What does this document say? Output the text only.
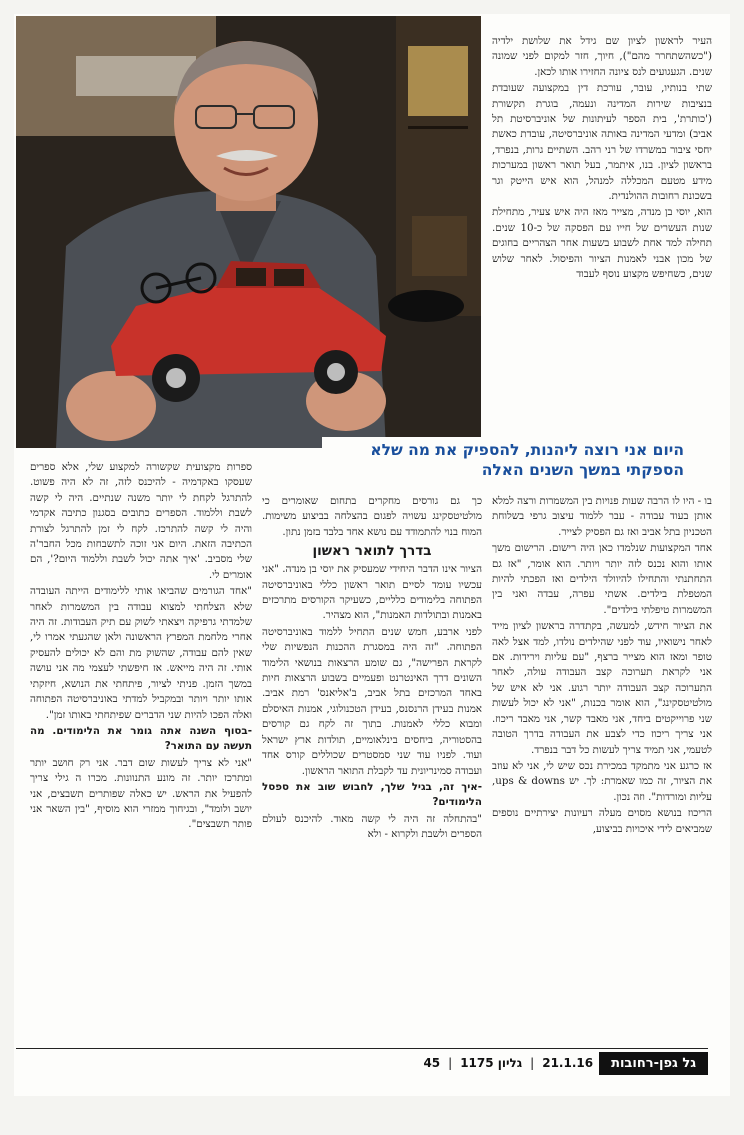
העיר לראשון לציון שם גידל את שלושת ילדיה ("כשהשתחרר מהם"), חיוך, חזר למקום לפני שמונה שנים. הגעגועים לנס ציונה החזירו אותו לכאן.

שתי בנותיו, עובר, עורכת דין במקצועה שעובדת בנציבות שירות המדינה ונעמה, בוגרת תקשורת ('כותרת', בית הספר לעיתונות של אוניברסיטת תל אביב) ומדעי המדינה באותה אוניברסיטה, עובדת כאשת יחסי ציבור במשרדו של רני רהב. השתיים גרות, בנפרד, בראשון לציון. בנו, איתמר, בעל תואר ראשון במערכות מידע מטעם המכללה למנהל, הוא איש הייטק וגר בשכונת רחובות ההולנדית.

הוא, יוסי בן מנדה, מצייר מאז היה איש צעיר, מתחילת שנות העשרים של חייו עם הפסקה של כ-10 שנים. תחילה למד אחת לשבוע בשעות אחר הצהריים בחוגים של מכון אבני לאמנות הציור והפיסול. לאחר שלוש שנים, כשחיפש מקצוע נוסף לעבוד

היום אני רוצה ליהנות, להספיק את מה שלא הספקתי במשך השנים האלה

בו - היו לו הרבה שעות פנויות בין המשמרות ורצה למלא אותן בעוד עבודה - עבר ללמוד עיצוב גרפי בשלוחת הטכניון בתל אביב ואז גם הפסיק לצייר.

אחד המקצועות שנלמדו כאן היה רישום. הרישום משך אותו והוא נכנס לזה יותר ויותר. הוא אומר, "אז גם התחתנתי והתחילו להיוולד הילדים ואז הפכתי להיות המטפלת בילדים. אשתי עפרה, עבדה ואני בין המשמרות טיפלתי בילדים".

את הציור חידש, למעשה, בקתדרה בראשון לציון מייד לאחר נישואיו, עוד לפני שהילדים נולדו, למד אצל לאה טופר ומאז הוא מצייר ברצף, "עם עליות וירידות. אם אני לקראת תערוכה קצב העבודה עולה, לאחר התערוכה קצב העבודה יותר רגוע. אני לא איש של מולטיטסקינג", הוא אומר בכנות, "אני לא יכול לעשות שני פרוייקטים ביחד, אני מאבד קשר, אני מאבד ריכוז. אני צריך ריכוז כדי לצבע את העבודה בדרך הטובה לטעמי, אני תמיד צריך לעשות כל דבר בנפרד.

אז כרגע אני מתמקד במכירת נכס שיש לי, אני לא עוזב את הציור, זה כמו שאמרת: לך. יש ups & downs, עליות ומורדות". וזה נכון.

הריכוז בנושא מסוים מעלה רעיונות יצירתיים נוספים שמביאים לידי איכויות בביצוע,

כך גם גורסים מחקרים בתחום שאומרים כי מולטיטסקינג עשויה לפגום בהצלחה בביצוע משימות. המוח בנוי להתמודד עם נושא אחד בלבד בזמן נתון.

בדרך לתואר ראשון

הציור אינו הדבר היחידי שמעסיק את יוסי בן מנדה. "אני עכשיו עומד לסיים תואר ראשון כללי באוניברסיטה הפתוחה בלימודים כלליים, כשעיקר הקורסים מתרכזים באמנות ובתולדות האמנות", הוא מצהיר.

לפני ארבע, חמש שנים התחיל ללמוד באוניברסיטה הפתוחה. "זה היה במסגרת ההכנות הנפשיות שלי לקראת הפרישה", גם שומע הרצאות בנושאי הלימוד השונים דרך האינטרנט ופעמיים בשבוע הרצאות חיות באחד המרכזים בתל אביב, ב'אליאנס' רמת אביב. אמנות בעידן הרנסנס, בעידן הטכנולוגי, אמנות האיסלם ומבוא כללי לאמנות. בתוך זה לקח גם קורסים בהסטוריה, ביחסים בינלאומיים, תולדות ארץ ישראל ועוד. לפניו עוד שני סמסטרים שכוללים קורס אחד ועבודה סמינריונית עד לקבלת התואר הראשון.

-איך זה, בגיל שלך, לחבוש שוב את ספסל הלימודים?

"בהתחלה זה היה לי קשה מאוד. להיכנס לעולם הספרים ולשבת ולקרוא - ולא

ספרות מקצועית שקשורה למקצוע שלי, אלא ספרים שעסקו באקדמיה - להיכנס לזה, זה לא היה פשוט. להתרגל לקחת לי יותר משנה שנתיים. היה לי קשה לשבת וללמוד. הספרים כתובים בסגנון כתיבה אקדמי והיה לי קשה להתרכז. לקח לי זמן להתרגל לצורת הכתיבה הזאת. היום אני זוכה לתשבחות מכל החבר'ה שלי מסביב. 'איך אתה יכול לשבת וללמוד היום?', הם אומרים לי.

"אחד הגורמים שהביאו אותי ללימודים הייתה העובדה שלא הצלחתי למצוא עבודה בין המשמרות לאחר שלמדתי גרפיקה ויצאתי לשוק עם תיק העבודות. זה היה אחרי מלחמת המפרץ הראשונה ולאן שהגעתי אמרו לי, שאין להם עבודה, שהשוק מת והם לא יכולים להעסיק אותי. זה היה מייאש. אז חיפשתי לעצמי מה אני עושה במשך הזמן. פניתי לציור, פיתחתי את הנושא, חיזקתי אותו יותר ויותר ובמקביל למדתי באוניברסיטה הפתוחה ואלה הפכו להיות שני הדברים שפיתחתי באותו זמן".

-בסוף השנה אתה גומר את הלימודים. מה תעשה עם התואר?

"אני לא צריך לעשות שום דבר. אני רק חושב יותר ומתרכז יותר. זה מונע התנוונות. מכרו ה גילי צריך להפעיל את הראש. יש כאלה שפותרים תשבצים, אני יושב ולומד", ובגיחוך ממזרי הוא מוסיף, "בין השאר אני פותר תשבצים".

גל גפן-רחובות
21.1.16
|
גליון 1175
|
45
